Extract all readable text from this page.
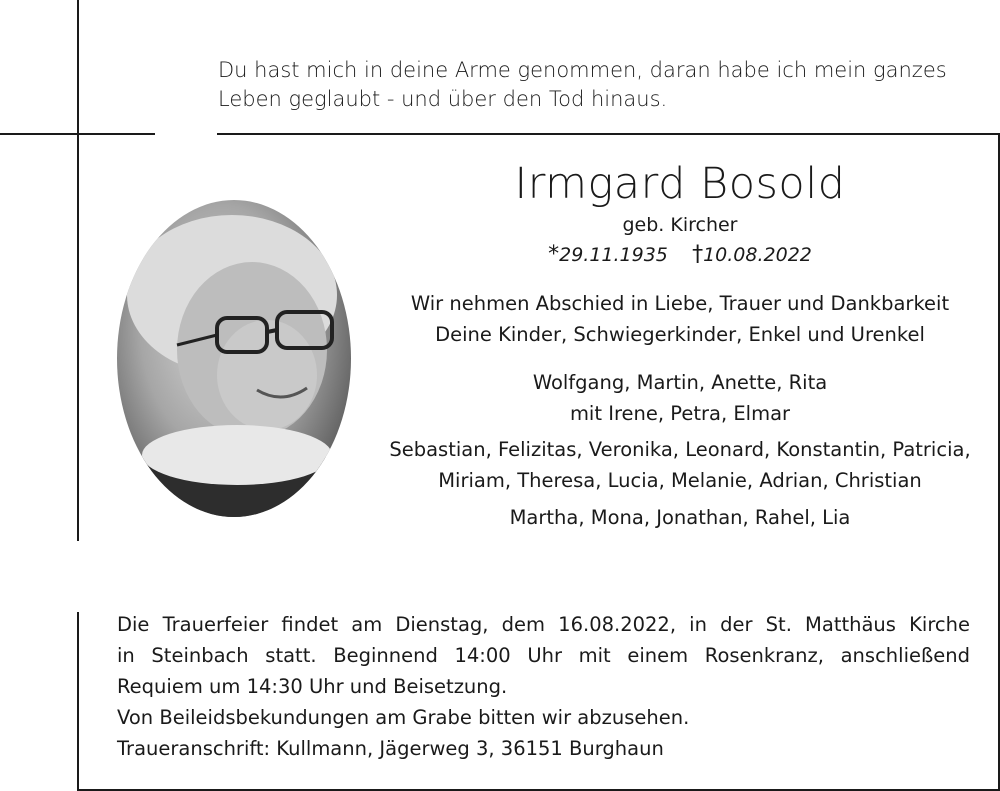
Du hast mich in deine Arme genommen, daran habe ich mein ganzes
Leben geglaubt - und über den Tod hinaus.
Irmgard Bosold
geb. Kircher
*29.11.1935 †10.08.2022
Wir nehmen Abschied in Liebe, Trauer und Dankbarkeit
Deine Kinder, Schwiegerkinder, Enkel und Urenkel
Wolfgang, Martin, Anette, Rita
mit Irene, Petra, Elmar
Sebastian, Felizitas, Veronika, Leonard, Konstantin, Patricia,
Miriam, Theresa, Lucia, Melanie, Adrian, Christian
Martha, Mona, Jonathan, Rahel, Lia
Die Trauerfeier findet am Dienstag, dem 16.08.2022, in der St. Matthäus Kirche
in Steinbach statt. Beginnend 14:00 Uhr mit einem Rosenkranz, anschließend
Requiem um 14:30 Uhr und Beisetzung.
Von Beileidsbekundungen am Grabe bitten wir abzusehen.
Traueranschrift: Kullmann, Jägerweg 3, 36151 Burghaun
